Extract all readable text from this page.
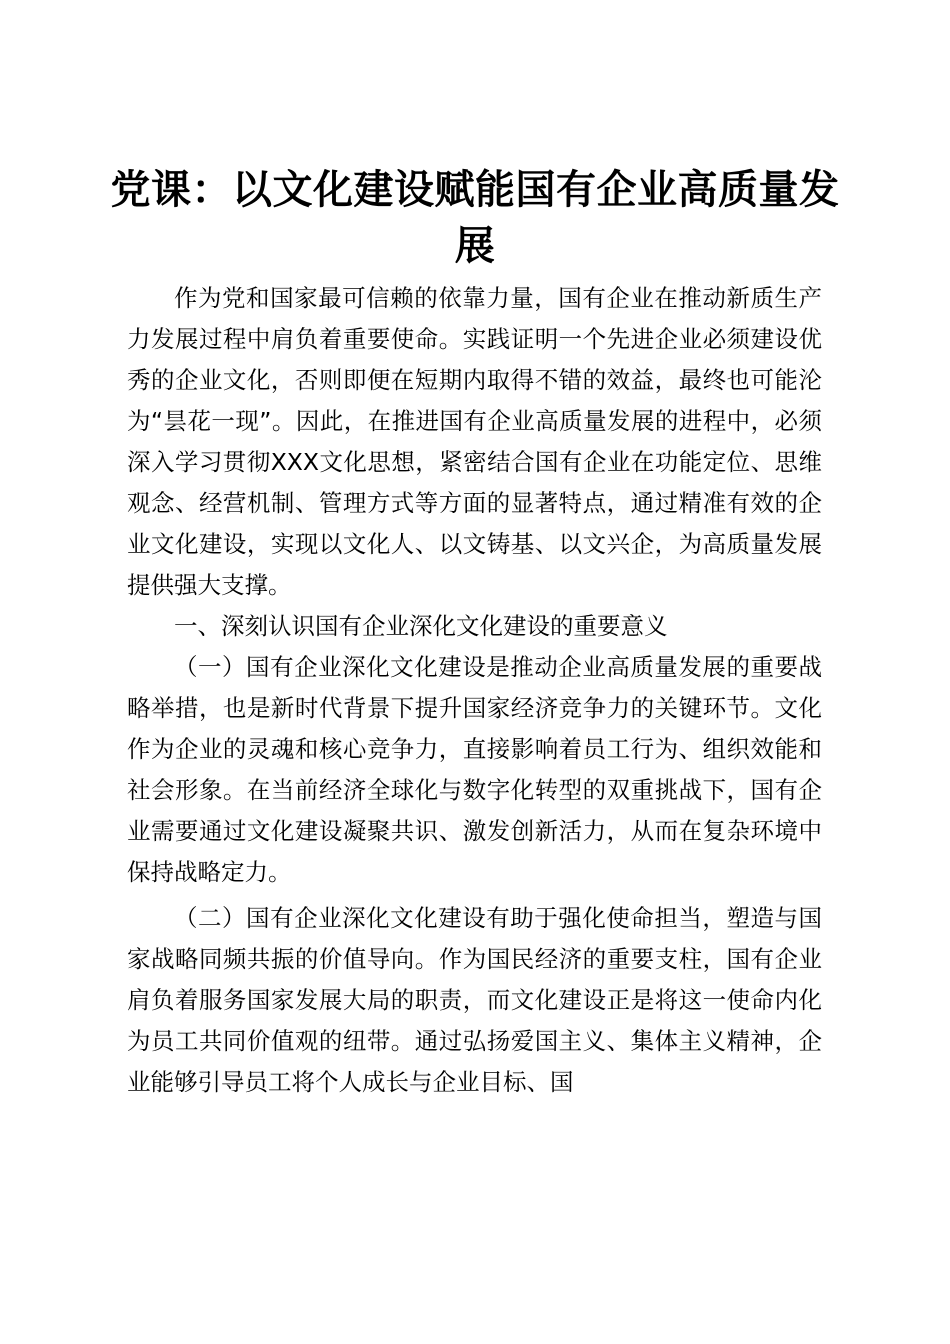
党课：以文化建设赋能国有企业高质量发展

作为党和国家最可信赖的依靠力量，国有企业在推动新质生产力发展过程中肩负着重要使命。实践证明一个先进企业必须建设优秀的企业文化，否则即便在短期内取得不错的效益，最终也可能沦为“昙花一现”。因此，在推进国有企业高质量发展的进程中，必须深入学习贯彻XXX文化思想，紧密结合国有企业在功能定位、思维观念、经营机制、管理方式等方面的显著特点，通过精准有效的企业文化建设，实现以文化人、以文铸基、以文兴企，为高质量发展提供强大支撑。

一、深刻认识国有企业深化文化建设的重要意义

（一）国有企业深化文化建设是推动企业高质量发展的重要战略举措，也是新时代背景下提升国家经济竞争力的关键环节。文化作为企业的灵魂和核心竞争力，直接影响着员工行为、组织效能和社会形象。在当前经济全球化与数字化转型的双重挑战下，国有企业需要通过文化建设凝聚共识、激发创新活力，从而在复杂环境中保持战略定力。

（二）国有企业深化文化建设有助于强化使命担当，塑造与国家战略同频共振的价值导向。作为国民经济的重要支柱，国有企业肩负着服务国家发展大局的职责，而文化建设正是将这一使命内化为员工共同价值观的纽带。通过弘扬爱国主义、集体主义精神，企业能够引导员工将个人成长与企业目标、国
